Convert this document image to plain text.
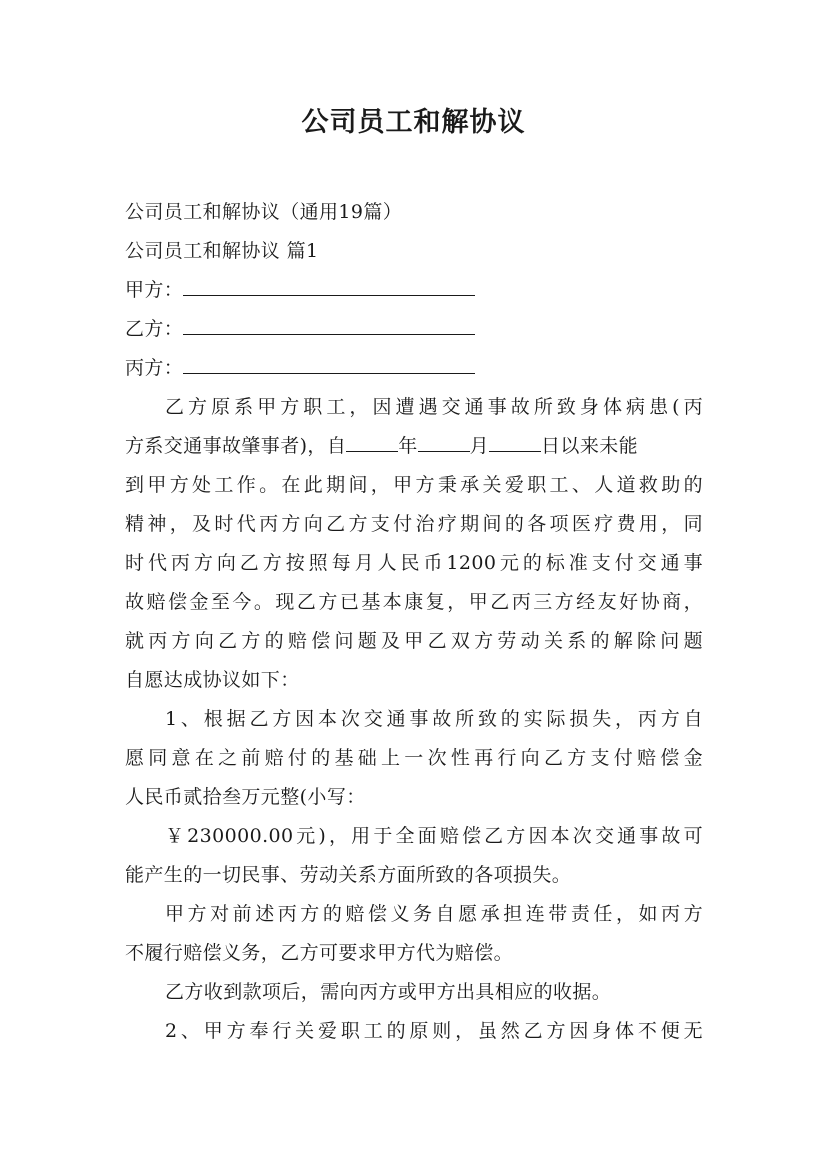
公司员工和解协议
公司员工和解协议（通用19篇）
公司员工和解协议 篇1
甲方：
乙方：
丙方：
乙方原系甲方职工，因遭遇交通事故所致身体病患(丙
方系交通事故肇事者)，自	年	月	日以来未能
到甲方处工作。在此期间，甲方秉承关爱职工、人道救助的
精神，及时代丙方向乙方支付治疗期间的各项医疗费用，同
时代丙方向乙方按照每月人民币1200元的标准支付交通事
故赔偿金至今。现乙方已基本康复，甲乙丙三方经友好协商，
就丙方向乙方的赔偿问题及甲乙双方劳动关系的解除问题
自愿达成协议如下：
1、根据乙方因本次交通事故所致的实际损失，丙方自
愿同意在之前赔付的基础上一次性再行向乙方支付赔偿金
人民币贰拾叁万元整(小写：
￥230000.00元)，用于全面赔偿乙方因本次交通事故可
能产生的一切民事、劳动关系方面所致的各项损失。
甲方对前述丙方的赔偿义务自愿承担连带责任，如丙方
不履行赔偿义务，乙方可要求甲方代为赔偿。
乙方收到款项后，需向丙方或甲方出具相应的收据。
2、甲方奉行关爱职工的原则，虽然乙方因身体不便无
